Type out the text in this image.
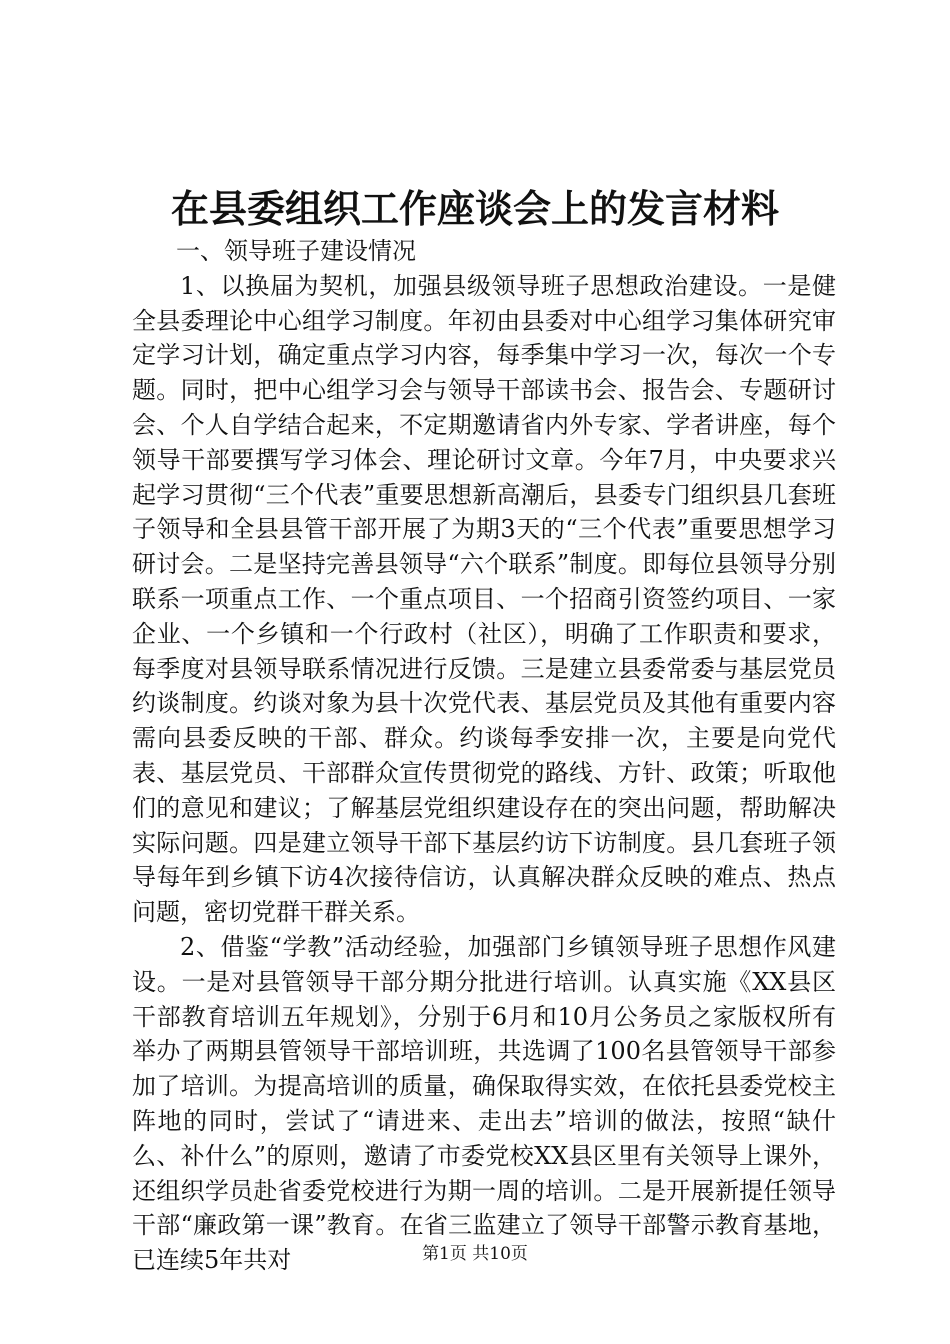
在县委组织工作座谈会上的发言材料

一、领导班子建设情况

1、以换届为契机，加强县级领导班子思想政治建设。一是健全县委理论中心组学习制度。年初由县委对中心组学习集体研究审定学习计划，确定重点学习内容，每季集中学习一次，每次一个专题。同时，把中心组学习会与领导干部读书会、报告会、专题研讨会、个人自学结合起来，不定期邀请省内外专家、学者讲座，每个领导干部要撰写学习体会、理论研讨文章。今年7月，中央要求兴起学习贯彻“三个代表”重要思想新高潮后，县委专门组织县几套班子领导和全县县管干部开展了为期3天的“三个代表”重要思想学习研讨会。二是坚持完善县领导“六个联系”制度。即每位县领导分别联系一项重点工作、一个重点项目、一个招商引资签约项目、一家企业、一个乡镇和一个行政村（社区），明确了工作职责和要求，每季度对县领导联系情况进行反馈。三是建立县委常委与基层党员约谈制度。约谈对象为县十次党代表、基层党员及其他有重要内容需向县委反映的干部、群众。约谈每季安排一次，主要是向党代表、基层党员、干部群众宣传贯彻党的路线、方针、政策；听取他们的意见和建议；了解基层党组织建设存在的突出问题，帮助解决实际问题。四是建立领导干部下基层约访下访制度。县几套班子领导每年到乡镇下访4次接待信访，认真解决群众反映的难点、热点问题，密切党群干群关系。

2、借鉴“学教”活动经验，加强部门乡镇领导班子思想作风建设。一是对县管领导干部分期分批进行培训。认真实施《XX县区干部教育培训五年规划》，分别于6月和10月公务员之家版权所有举办了两期县管领导干部培训班，共选调了100名县管领导干部参加了培训。为提高培训的质量，确保取得实效，在依托县委党校主阵地的同时，尝试了“请进来、走出去”培训的做法，按照“缺什么、补什么”的原则，邀请了市委党校XX县区里有关领导上课外，还组织学员赴省委党校进行为期一周的培训。二是开展新提任领导干部“廉政第一课”教育。在省三监建立了领导干部警示教育基地，已连续5年共对	第1页 共10页
